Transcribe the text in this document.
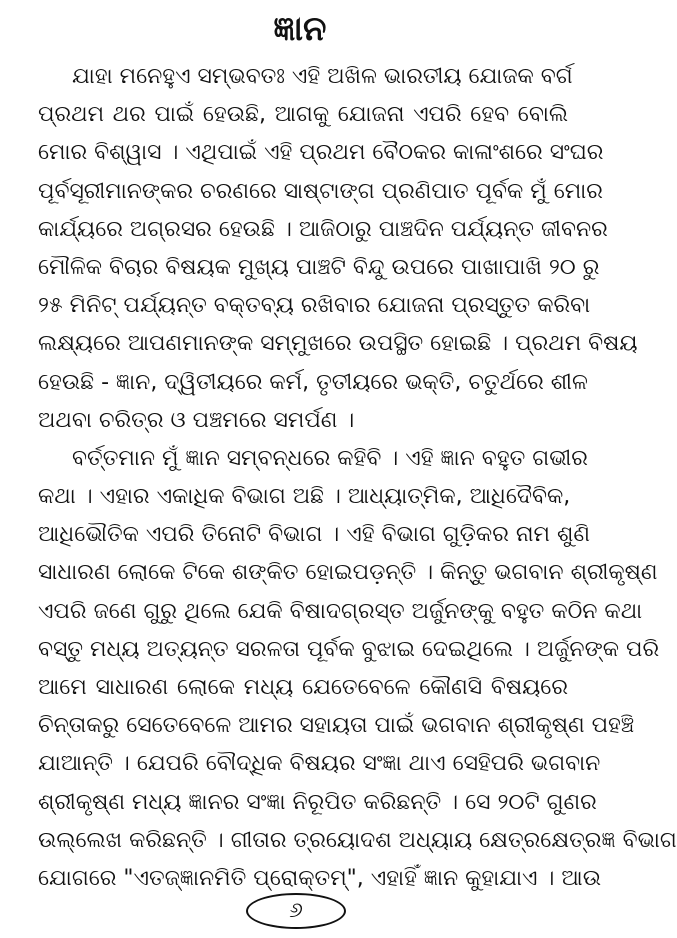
ଜ୍ଞାନ
ଯାହା ମନେହୁଏ ସମ୍ଭବତଃ ଏହି ଅଖିଳ ଭାରତୀୟ ଯୋଜକ ବର୍ଗ
ପ୍ରଥମ ଥର ପାଇଁ ହେଉଛି, ଆଗକୁ ଯୋଜନା ଏପରି ହେବ ବୋଲି
ମୋର ବିଶ୍ୱାସ । ଏଥିପାଇଁ ଏହି ପ୍ରଥମ ବୈଠକର କାଳାଂଶରେ ସଂଘର
ପୂର୍ବସୂରୀମାନଙ୍କର ଚରଣରେ ସାଷ୍ଟାଙ୍ଗ ପ୍ରଣିପାତ ପୂର୍ବକ ମୁଁ ମୋର
କାର୍ଯ୍ୟରେ ଅଗ୍ରସର ହେଉଛି । ଆଜିଠାରୁ ପାଞ୍ଚଦିନ ପର୍ଯ୍ୟନ୍ତ ଜୀବନର
ମୌଳିକ ବିଚାର ବିଷୟକ ମୁଖ୍ୟ ପାଞ୍ଚଟି ବିନ୍ଦୁ ଉପରେ ପାଖାପାଖି ୨୦ ରୁ
୨୫ ମିନିଟ୍ ପର୍ଯ୍ୟନ୍ତ ବକ୍ତବ୍ୟ ରଖିବାର ଯୋଜନା ପ୍ରସ୍ତୁତ କରିବା
ଲକ୍ଷ୍ୟରେ ଆପଣମାନଙ୍କ ସମ୍ମୁଖରେ ଉପସ୍ଥିତ ହୋଇଛି । ପ୍ରଥମ ବିଷୟ
ହେଉଛି - ଜ୍ଞାନ, ଦ୍ୱିତୀୟରେ କର୍ମ, ତୃତୀୟରେ ଭକ୍ତି, ଚତୁର୍ଥରେ ଶୀଳ
ଅଥବା ଚରିତ୍ର ଓ ପଞ୍ଚମରେ ସମର୍ପଣ ।
ବର୍ତ୍ତମାନ ମୁଁ ଜ୍ଞାନ ସମ୍ବନ୍ଧରେ କହିବି । ଏହି ଜ୍ଞାନ ବହୁତ ଗଭୀର
କଥା । ଏହାର ଏକାଧିକ ବିଭାଗ ଅଛି । ଆଧ୍ୟାତ୍ମିକ, ଆଧିଦୈବିକ,
ଆଧିଭୌତିକ ଏପରି ତିନୋଟି ବିଭାଗ । ଏହି ବିଭାଗ ଗୁଡ଼ିକର ନାମ ଶୁଣି
ସାଧାରଣ ଲୋକେ ଟିକେ ଶଙ୍କିତ ହୋଇପଡ଼ନ୍ତି । କିନ୍ତୁ ଭଗବାନ ଶ୍ରୀକୃଷ୍ଣ
ଏପରି ଜଣେ ଗୁରୁ ଥିଲେ ଯେକି ବିଷାଦଗ୍ରସ୍ତ ଅର୍ଜୁନଙ୍କୁ ବହୁତ କଠିନ କଥା
ବସ୍ତୁ ମଧ୍ୟ ଅତ୍ୟନ୍ତ ସରଳତା ପୂର୍ବକ ବୁଝାଇ ଦେଇଥିଲେ । ଅର୍ଜୁନଙ୍କ ପରି
ଆମେ ସାଧାରଣ ଲୋକେ ମଧ୍ୟ ଯେତେବେଳେ କୌଣସି ବିଷୟରେ
ଚିନ୍ତାକରୁ ସେତେବେଳେ ଆମର ସହାୟତା ପାଇଁ ଭଗବାନ ଶ୍ରୀକୃଷ୍ଣ ପହଞ୍ଚି
ଯାଆନ୍ତି । ଯେପରି ବୌଦ୍ଧିକ ବିଷୟର ସଂଜ୍ଞା ଥାଏ ସେହିପରି ଭଗବାନ
ଶ୍ରୀକୃଷ୍ଣ ମଧ୍ୟ ଜ୍ଞାନର ସଂଜ୍ଞା ନିରୂପିତ କରିଛନ୍ତି । ସେ ୨୦ଟି ଗୁଣର
ଉଲ୍ଲେଖ କରିଛନ୍ତି । ଗୀତାର ତ୍ରୟୋଦଶ ଅଧ୍ୟାୟ କ୍ଷେତ୍ରକ୍ଷେତ୍ରଜ୍ଞ ବିଭାଗ
ଯୋଗରେ "ଏତଜ୍ଜ୍ଞାନମିତି ପ୍ରୋକ୍ତମ୍", ଏହାହିଁ ଜ୍ଞାନ କୁହାଯାଏ । ଆଉ
୬
